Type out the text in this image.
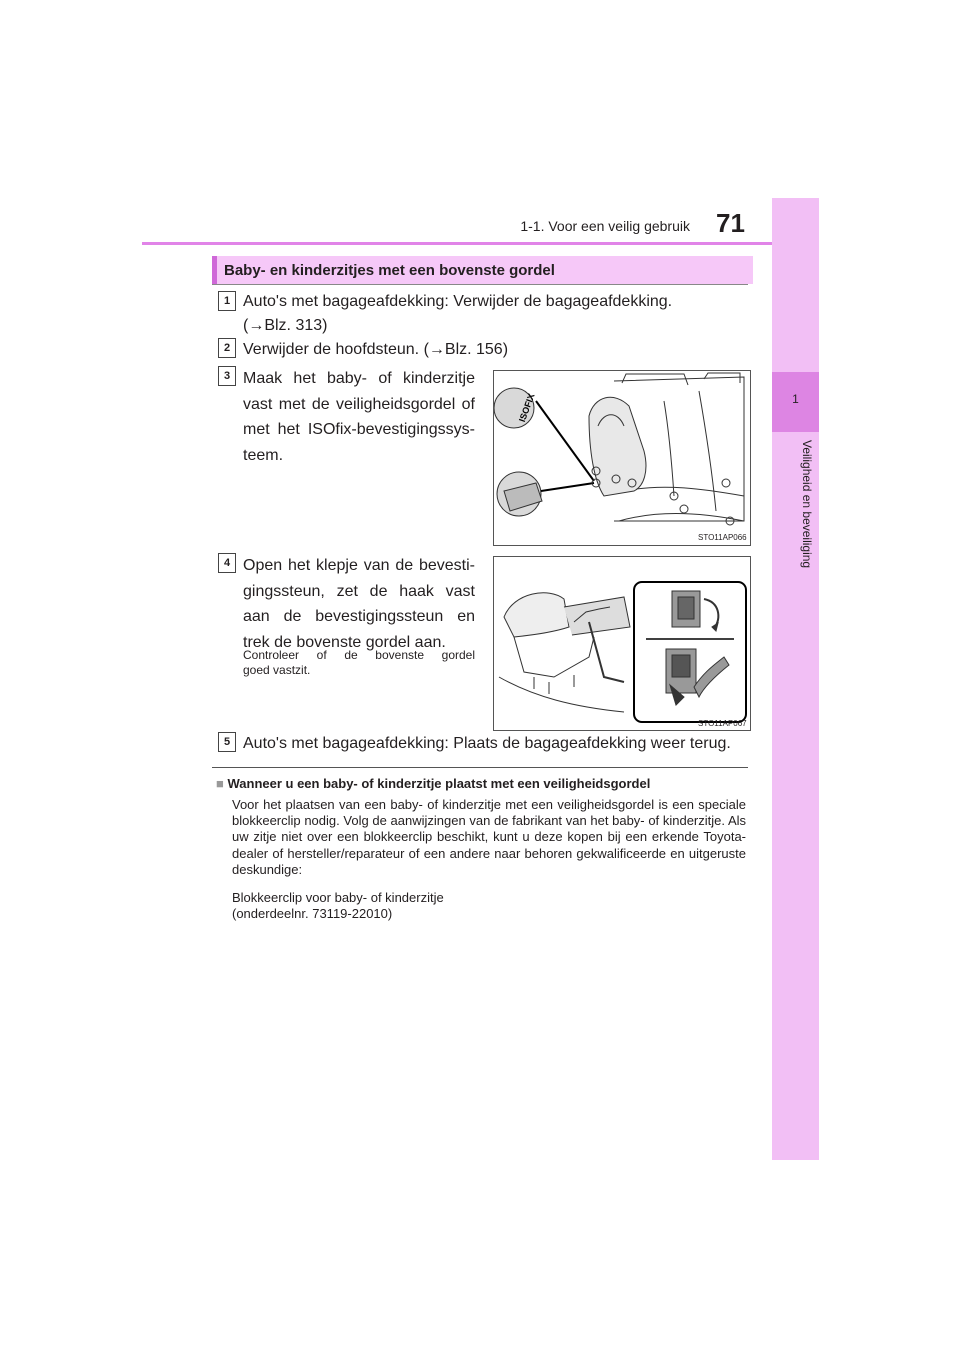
1-1. Voor een veilig gebruik 71
1
Veiligheid en beveiliging
Baby- en kinderzitjes met een bovenste gordel
1 Auto's met bagageafdekking: Verwijder de bagageafdekking.
(→Blz. 313)
2 Verwijder de hoofdsteun. (→Blz. 156)
3 Maak het baby- of kinderzitje
vast met de veiligheidsgordel of
met het ISOfix-bevestigingssys-
teem.
ISOFIX
STO11AP066
4 Open het klepje van de bevesti-
gingssteun, zet de haak vast
aan de bevestigingssteun en
trek de bovenste gordel aan.
Controleer of de bovenste gordel
goed vastzit.
STO11AP067
5 Auto's met bagageafdekking: Plaats de bagageafdekking weer terug.
■ Wanneer u een baby- of kinderzitje plaatst met een veiligheidsgordel
Voor het plaatsen van een baby- of kinderzitje met een veiligheidsgordel is een speciale blokkeerclip nodig. Volg de aanwijzingen van de fabrikant van het baby- of kinderzitje. Als uw zitje niet over een blokkeerclip beschikt, kunt u deze kopen bij een erkende Toyota-dealer of hersteller/reparateur of een andere naar behoren gekwalificeerde en uitgeruste deskundige:
Blokkeerclip voor baby- of kinderzitje
(onderdeelnr. 73119-22010)
